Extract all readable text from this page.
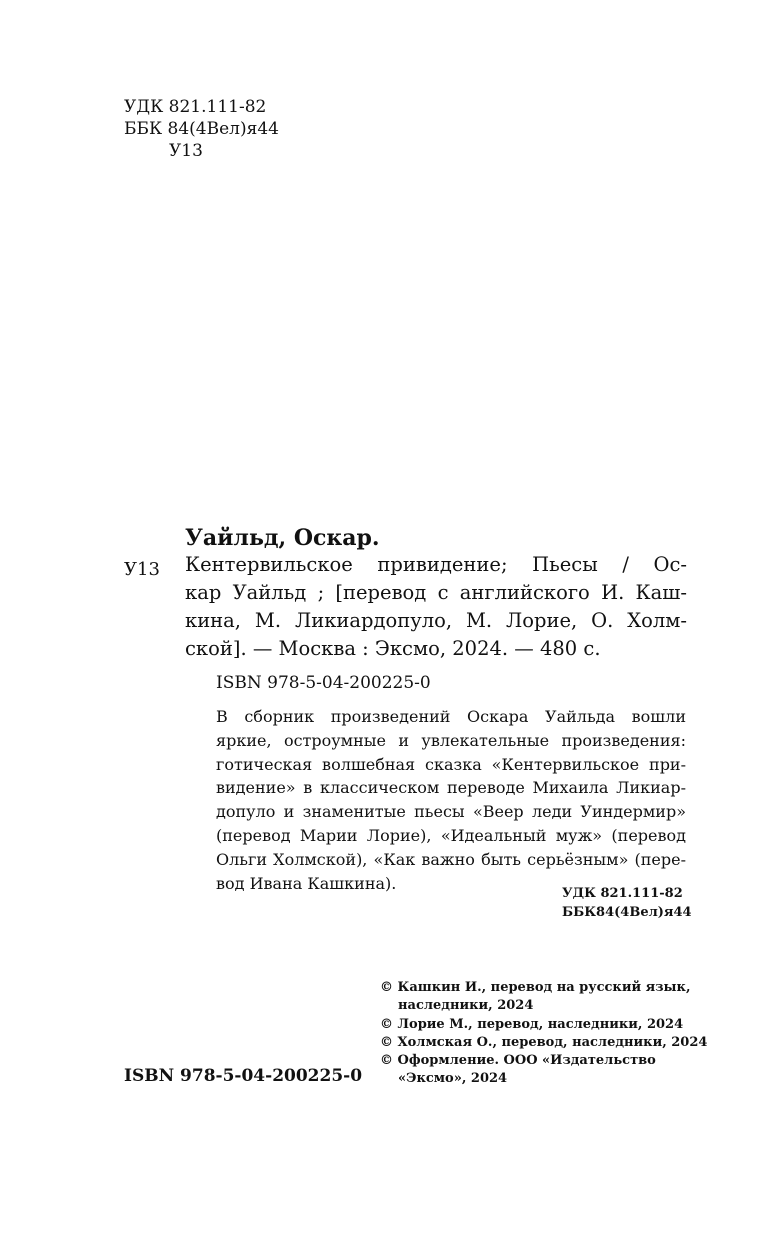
УДК 821.111-82
ББК 84(4Вел)я44
У13
Уайльд, Оскар.
У13 Кентервильское привидение; Пьесы / Ос-
кар Уайльд ; [перевод с английского И. Каш-
кина, М. Ликиардопуло, М. Лорие, О. Холм-
ской]. — Москва : Эксмо, 2024. — 480 с.
ISBN 978-5-04-200225-0
В сборник произведений Оскара Уайльда вошли
яркие, остроумные и увлекательные произведения:
готическая волшебная сказка «Кентервильское при-
видение» в классическом переводе Михаила Ликиар-
допуло и знаменитые пьесы «Веер леди Уиндермир»
(перевод Марии Лорие), «Идеальный муж» (перевод
Ольги Холмской), «Как важно быть серьёзным» (пере-
вод Ивана Кашкина).
УДК 821.111-82
ББК84(4Вел)я44
ISBN 978-5-04-200225-0
© Кашкин И., перевод на русский язык,
наследники, 2024
© Лорие М., перевод, наследники, 2024
© Холмская О., перевод, наследники, 2024
© Оформление. ООО «Издательство
«Эксмо», 2024
